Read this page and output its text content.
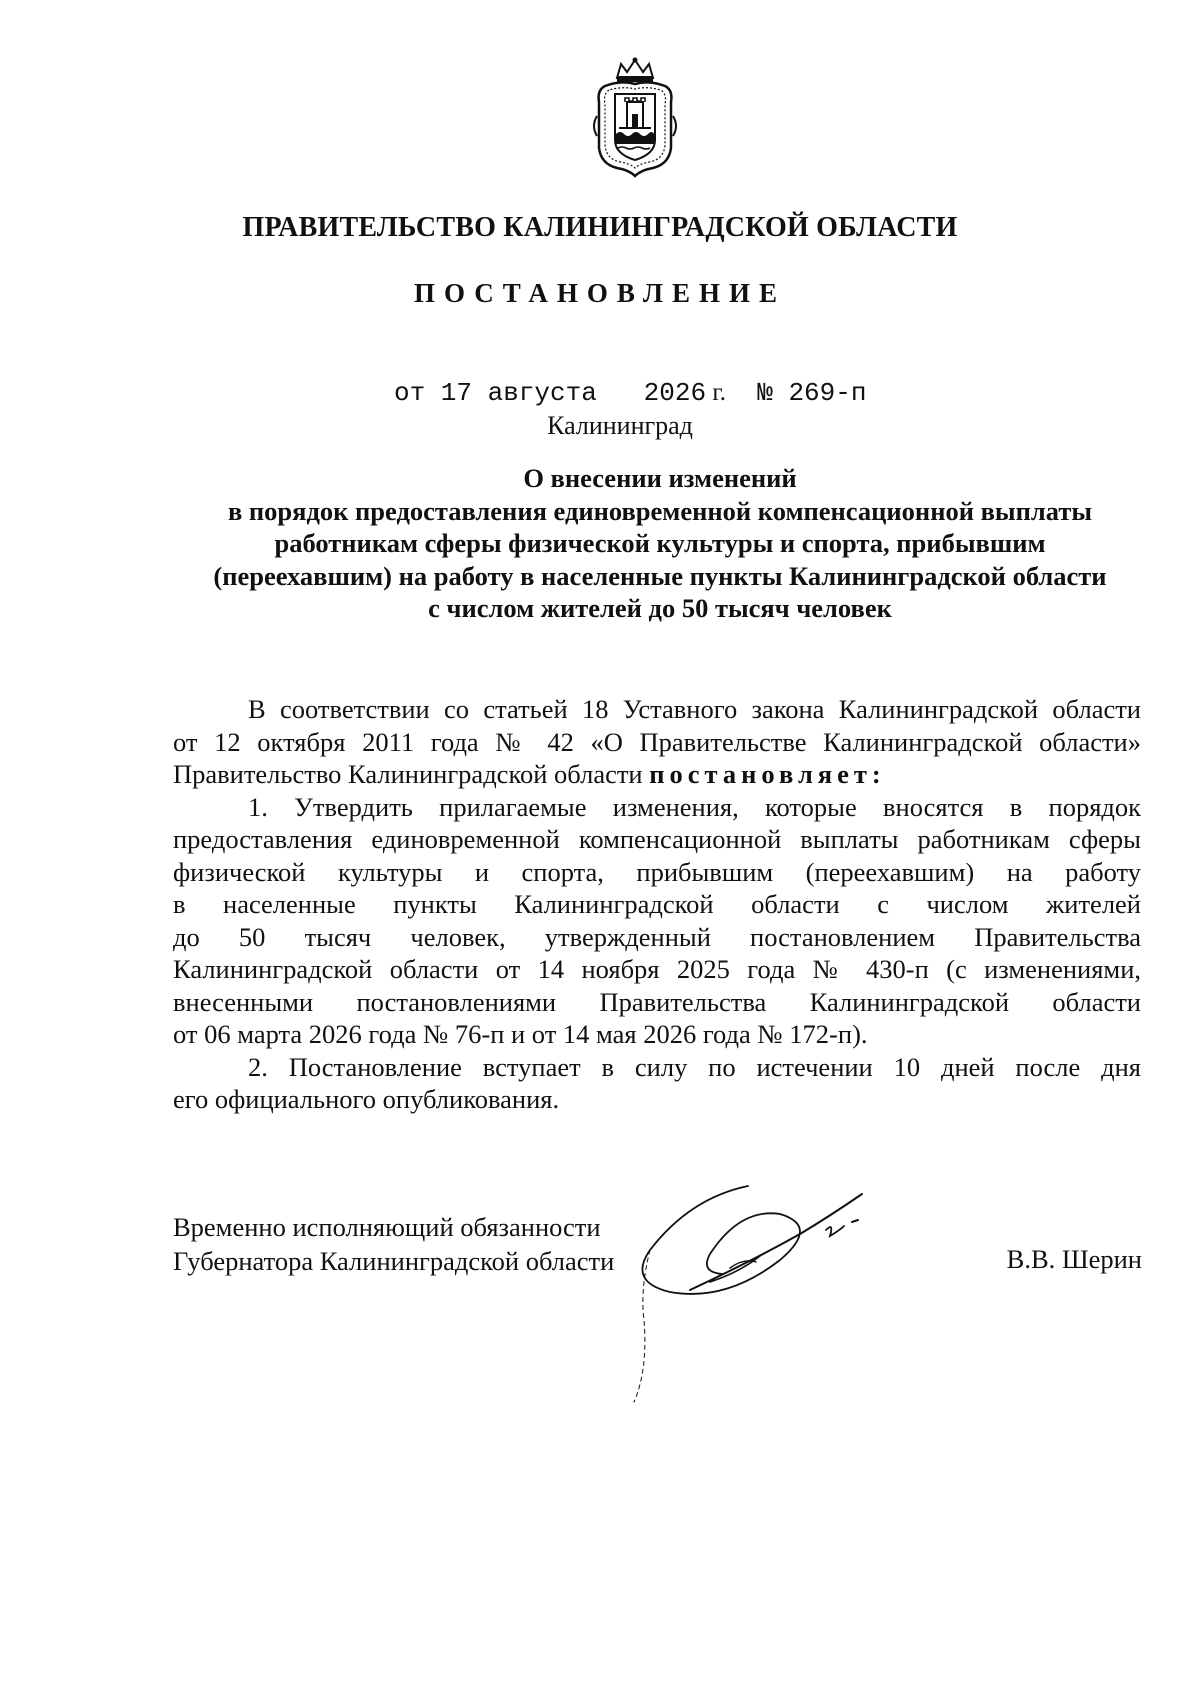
ПРАВИТЕЛЬСТВО КАЛИНИНГРАДСКОЙ ОБЛАСТИ
ПОСТАНОВЛЕНИЕ
от 17 августа 2026 г. № 269-п
Калининград
О внесении изменений
в порядок предоставления единовременной компенсационной выплаты
работникам сферы физической культуры и спорта, прибывшим
(переехавшим) на работу в населенные пункты Калининградской области
с числом жителей до 50 тысяч человек
В соответствии со статьей 18 Уставного закона Калининградской области
от 12 октября 2011 года № 42 «О Правительстве Калининградской области»
Правительство Калининградской области постановляет:
1. Утвердить прилагаемые изменения, которые вносятся в порядок
предоставления единовременной компенсационной выплаты работникам сферы
физической культуры и спорта, прибывшим (переехавшим) на работу
в населенные пункты Калининградской области с числом жителей
до 50 тысяч человек, утвержденный постановлением Правительства
Калининградской области от 14 ноября 2025 года № 430-п (с изменениями,
внесенными постановлениями Правительства Калининградской области
от 06 марта 2026 года № 76-п и от 14 мая 2026 года № 172-п).
2. Постановление вступает в силу по истечении 10 дней после дня
его официального опубликования.
Временно исполняющий обязанности
Губернатора Калининградской области	В.В. Шерин
